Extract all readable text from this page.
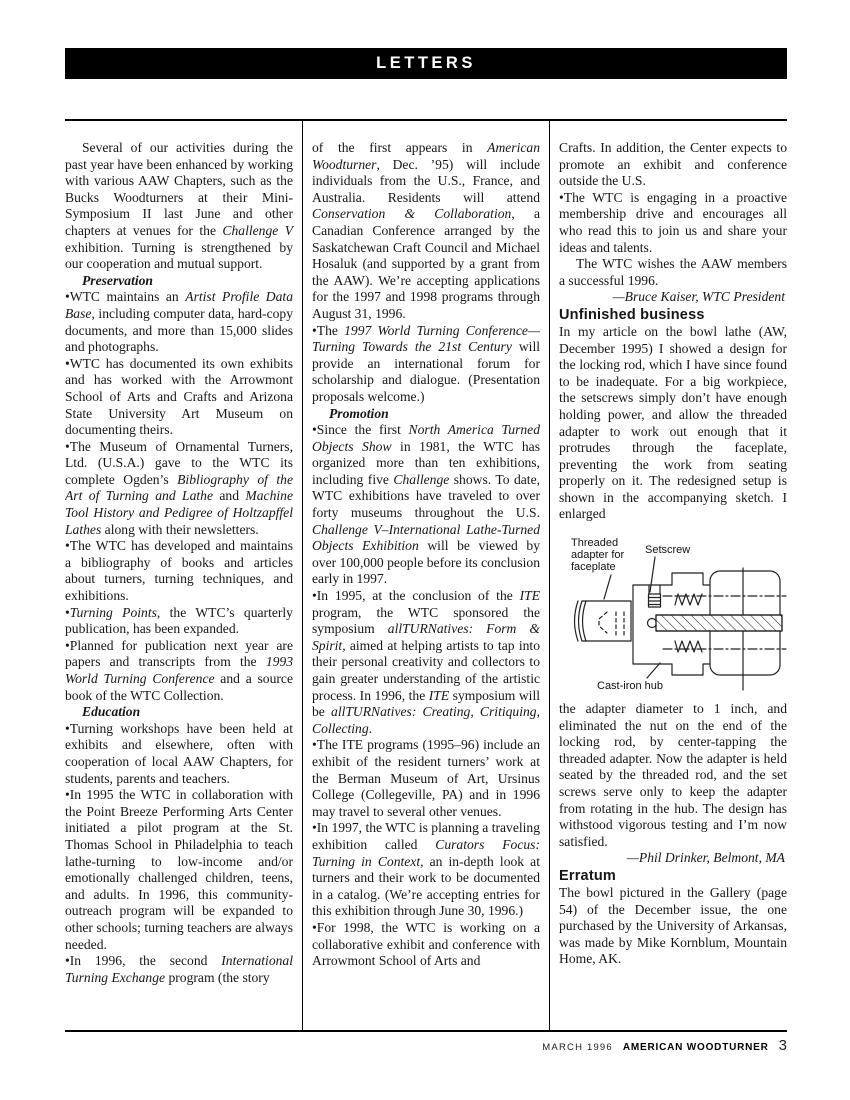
LETTERS

Several of our activities during the past year have been enhanced by working with various AAW Chapters, such as the Bucks Woodturners at their Mini-Symposium II last June and other chapters at venues for the Challenge V exhibition. Turning is strengthened by our cooperation and mutual support.

Preservation

•WTC maintains an Artist Profile Data Base, including computer data, hard-copy documents, and more than 15,000 slides and photographs.

•WTC has documented its own exhibits and has worked with the Arrowmont School of Arts and Crafts and Arizona State University Art Museum on documenting theirs.

•The Museum of Ornamental Turners, Ltd. (U.S.A.) gave to the WTC its complete Ogden’s Bibliography of the Art of Turning and Lathe and Machine Tool History and Pedigree of Holtzapffel Lathes along with their newsletters.

•The WTC has developed and maintains a bibliography of books and articles about turners, turning techniques, and exhibitions.

•Turning Points, the WTC’s quarterly publication, has been expanded.

•Planned for publication next year are papers and transcripts from the 1993 World Turning Conference and a source book of the WTC Collection.

Education

•Turning workshops have been held at exhibits and elsewhere, often with cooperation of local AAW Chapters, for students, parents and teachers.

•In 1995 the WTC in collaboration with the Point Breeze Performing Arts Center initiated a pilot program at the St. Thomas School in Philadelphia to teach lathe-turning to low-income and/or emotionally challenged children, teens, and adults. In 1996, this community-outreach program will be expanded to other schools; turning teachers are always needed.

•In 1996, the second International Turning Exchange program (the story

of the first appears in American Woodturner, Dec. ’95) will include individuals from the U.S., France, and Australia. Residents will attend Conservation & Collaboration, a Canadian Conference arranged by the Saskatchewan Craft Council and Michael Hosaluk (and supported by a grant from the AAW). We’re accepting applications for the 1997 and 1998 programs through August 31, 1996.

•The 1997 World Turning Conference—Turning Towards the 21st Century will provide an international forum for scholarship and dialogue. (Presentation proposals welcome.)

Promotion

•Since the first North America Turned Objects Show in 1981, the WTC has organized more than ten exhibitions, including five Challenge shows. To date, WTC exhibitions have traveled to over forty museums throughout the U.S. Challenge V–International Lathe-Turned Objects Exhibition will be viewed by over 100,000 people before its conclusion early in 1997.

•In 1995, at the conclusion of the ITE program, the WTC sponsored the symposium allTURNatives: Form & Spirit, aimed at helping artists to tap into their personal creativity and collectors to gain greater understanding of the artistic process. In 1996, the ITE symposium will be allTURNatives: Creating, Critiquing, Collecting.

•The ITE programs (1995–96) include an exhibit of the resident turners’ work at the Berman Museum of Art, Ursinus College (Collegeville, PA) and in 1996 may travel to several other venues.

•In 1997, the WTC is planning a traveling exhibition called Curators Focus: Turning in Context, an in-depth look at turners and their work to be documented in a catalog. (We’re accepting entries for this exhibition through June 30, 1996.)

•For 1998, the WTC is working on a collaborative exhibit and conference with Arrowmont School of Arts and

Crafts. In addition, the Center expects to promote an exhibit and conference outside the U.S.

•The WTC is engaging in a proactive membership drive and encourages all who read this to join us and share your ideas and talents.

The WTC wishes the AAW members a successful 1996.

—Bruce Kaiser, WTC President

Unfinished business

In my article on the bowl lathe (AW, December 1995) I showed a design for the locking rod, which I have since found to be inadequate. For a big workpiece, the setscrews simply don’t have enough holding power, and allow the threaded adapter to work out enough that it protrudes through the faceplate, preventing the work from seating properly on it. The redesigned setup is shown in the accompanying sketch. I enlarged

Threaded
adapter for
faceplate
Setscrew
Cast-iron hub

the adapter diameter to 1 inch, and eliminated the nut on the end of the locking rod, by center-tapping the threaded adapter. Now the adapter is held seated by the threaded rod, and the set screws serve only to keep the adapter from rotating in the hub. The design has withstood vigorous testing and I’m now satisfied.

—Phil Drinker, Belmont, MA

Erratum

The bowl pictured in the Gallery (page 54) of the December issue, the one purchased by the University of Arkansas, was made by Mike Kornblum, Mountain Home, AK.

MARCH 1996 AMERICAN WOODTURNER 3
